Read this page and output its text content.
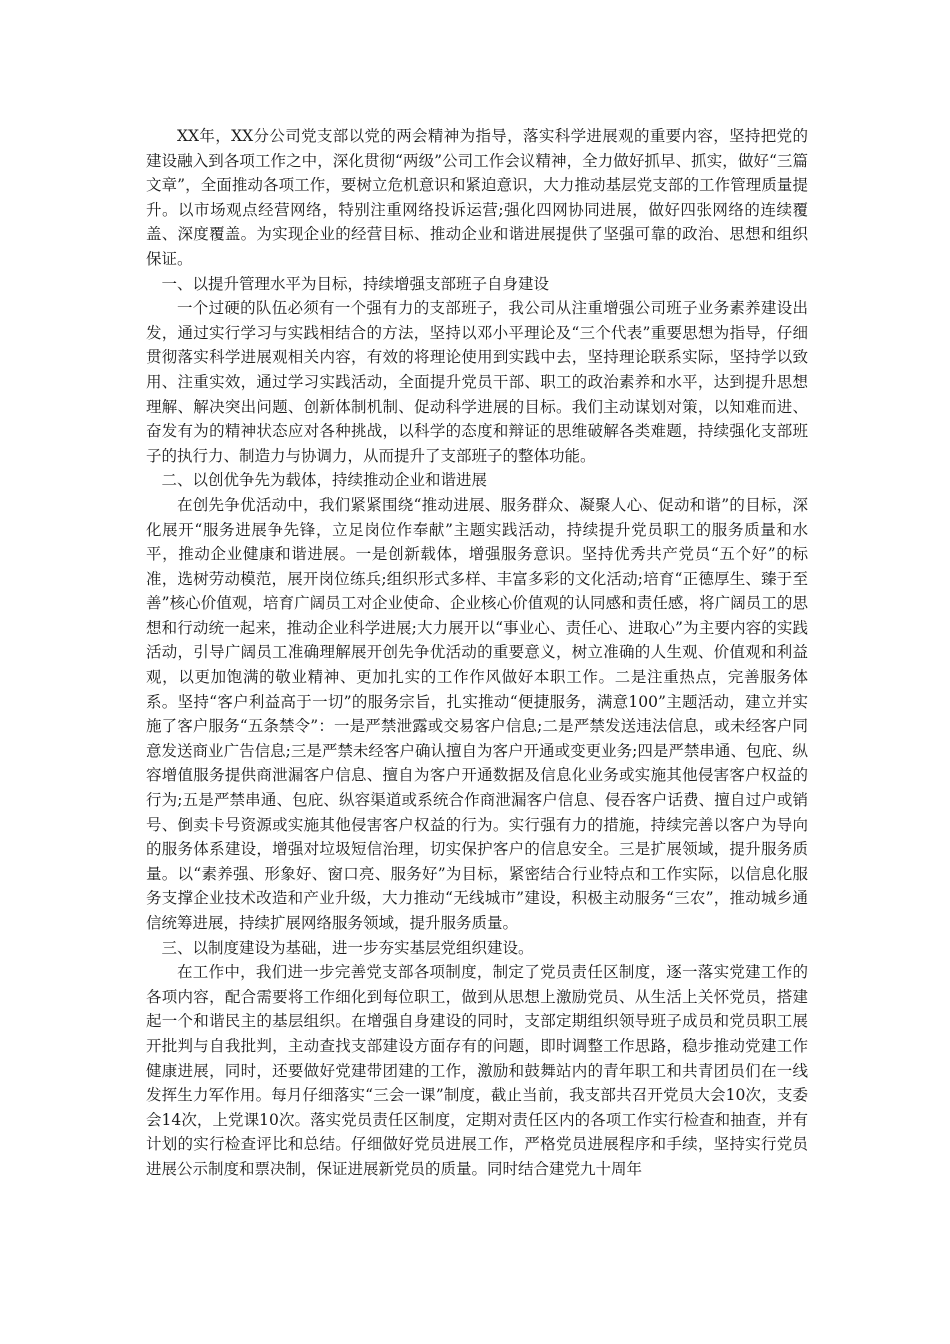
XX年，XX分公司党支部以党的两会精神为指导，落实科学进展观的重要内容，坚持把党的建设融入到各项工作之中，深化贯彻“两级”公司工作会议精神，全力做好抓早、抓实，做好“三篇文章”，全面推动各项工作，要树立危机意识和紧迫意识，大力推动基层党支部的工作管理质量提升。以市场观点经营网络，特别注重网络投诉运营;强化四网协同进展，做好四张网络的连续覆盖、深度覆盖。为实现企业的经营目标、推动企业和谐进展提供了坚强可靠的政治、思想和组织保证。

一、以提升管理水平为目标，持续增强支部班子自身建设

一个过硬的队伍必须有一个强有力的支部班子，我公司从注重增强公司班子业务素养建设出发，通过实行学习与实践相结合的方法，坚持以邓小平理论及“三个代表”重要思想为指导，仔细贯彻落实科学进展观相关内容，有效的将理论使用到实践中去，坚持理论联系实际，坚持学以致用、注重实效，通过学习实践活动，全面提升党员干部、职工的政治素养和水平，达到提升思想理解、解决突出问题、创新体制机制、促动科学进展的目标。我们主动谋划对策，以知难而进、奋发有为的精神状态应对各种挑战，以科学的态度和辩证的思维破解各类难题，持续强化支部班子的执行力、制造力与协调力，从而提升了支部班子的整体功能。

二、以创优争先为载体，持续推动企业和谐进展

在创先争优活动中，我们紧紧围绕“推动进展、服务群众、凝聚人心、促动和谐”的目标，深化展开“服务进展争先锋，立足岗位作奉献”主题实践活动，持续提升党员职工的服务质量和水平，推动企业健康和谐进展。一是创新载体，增强服务意识。坚持优秀共产党员“五个好”的标准，选树劳动模范，展开岗位练兵;组织形式多样、丰富多彩的文化活动;培育“正德厚生、臻于至善”核心价值观，培育广阔员工对企业使命、企业核心价值观的认同感和责任感，将广阔员工的思想和行动统一起来，推动企业科学进展;大力展开以“事业心、责任心、进取心”为主要内容的实践活动，引导广阔员工准确理解展开创先争优活动的重要意义，树立准确的人生观、价值观和利益观，以更加饱满的敬业精神、更加扎实的工作作风做好本职工作。二是注重热点，完善服务体系。坚持“客户利益高于一切”的服务宗旨，扎实推动“便捷服务，满意100”主题活动，建立并实施了客户服务“五条禁令”：一是严禁泄露或交易客户信息;二是严禁发送违法信息，或未经客户同意发送商业广告信息;三是严禁未经客户确认擅自为客户开通或变更业务;四是严禁串通、包庇、纵容增值服务提供商泄漏客户信息、擅自为客户开通数据及信息化业务或实施其他侵害客户权益的行为;五是严禁串通、包庇、纵容渠道或系统合作商泄漏客户信息、侵吞客户话费、擅自过户或销号、倒卖卡号资源或实施其他侵害客户权益的行为。实行强有力的措施，持续完善以客户为导向的服务体系建设，增强对垃圾短信治理，切实保护客户的信息安全。三是扩展领域，提升服务质量。以“素养强、形象好、窗口亮、服务好”为目标，紧密结合行业特点和工作实际，以信息化服务支撑企业技术改造和产业升级，大力推动“无线城市”建设，积极主动服务“三农”，推动城乡通信统筹进展，持续扩展网络服务领域，提升服务质量。

三、以制度建设为基础，进一步夯实基层党组织建设。

在工作中，我们进一步完善党支部各项制度，制定了党员责任区制度，逐一落实党建工作的各项内容，配合需要将工作细化到每位职工，做到从思想上激励党员、从生活上关怀党员，搭建起一个和谐民主的基层组织。在增强自身建设的同时，支部定期组织领导班子成员和党员职工展开批判与自我批判，主动查找支部建设方面存有的问题，即时调整工作思路，稳步推动党建工作健康进展，同时，还要做好党建带团建的工作，激励和鼓舞站内的青年职工和共青团员们在一线发挥生力军作用。每月仔细落实“三会一课”制度，截止当前，我支部共召开党员大会10次，支委会14次，上党课10次。落实党员责任区制度，定期对责任区内的各项工作实行检查和抽查，并有计划的实行检查评比和总结。仔细做好党员进展工作，严格党员进展程序和手续，坚持实行党员进展公示制度和票决制，保证进展新党员的质量。同时结合建党九十周年
